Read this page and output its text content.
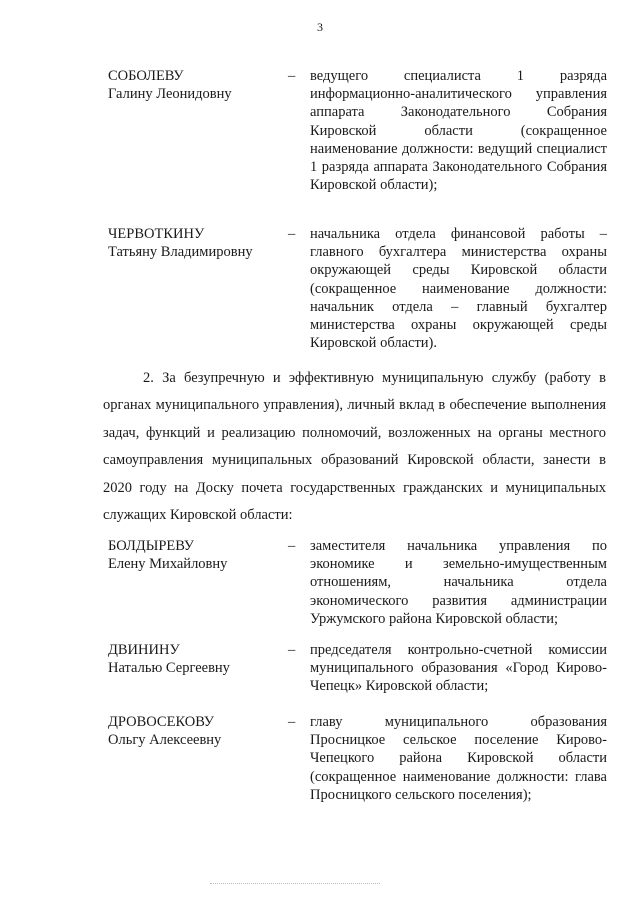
3
СОБОЛЕВУ
Галину Леонидовну
– ведущего специалиста 1 разряда информационно-аналитического управления аппарата Законодательного Собрания Кировской области (сокращенное наименование должности: ведущий специалист 1 разряда аппарата Законодательного Собрания Кировской области);
ЧЕРВОТКИНУ
Татьяну Владимировну
– начальника отдела финансовой работы – главного бухгалтера министерства охраны окружающей среды Кировской области (сокращенное наименование должности: начальник отдела – главный бухгалтер министерства охраны окружающей среды Кировской области).

2. За безупречную и эффективную муниципальную службу (работу в органах муниципального управления), личный вклад в обеспечение выполнения задач, функций и реализацию полномочий, возложенных на органы местного самоуправления муниципальных образований Кировской области, занести в 2020 году на Доску почета государственных гражданских и муниципальных служащих Кировской области:

БОЛДЫРЕВУ
Елену Михайловну
– заместителя начальника управления по экономике и земельно-имущественным отношениям, начальника отдела экономического развития администрации Уржумского района Кировской области;
ДВИНИНУ
Наталью Сергеевну
– председателя контрольно-счетной комиссии муниципального образования «Город Кирово-Чепецк» Кировской области;
ДРОВОСЕКОВУ
Ольгу Алексеевну
– главу муниципального образования Просницкое сельское поселение Кирово-Чепецкого района Кировской области (сокращенное наименование должности: глава Просницкого сельского поселения);
